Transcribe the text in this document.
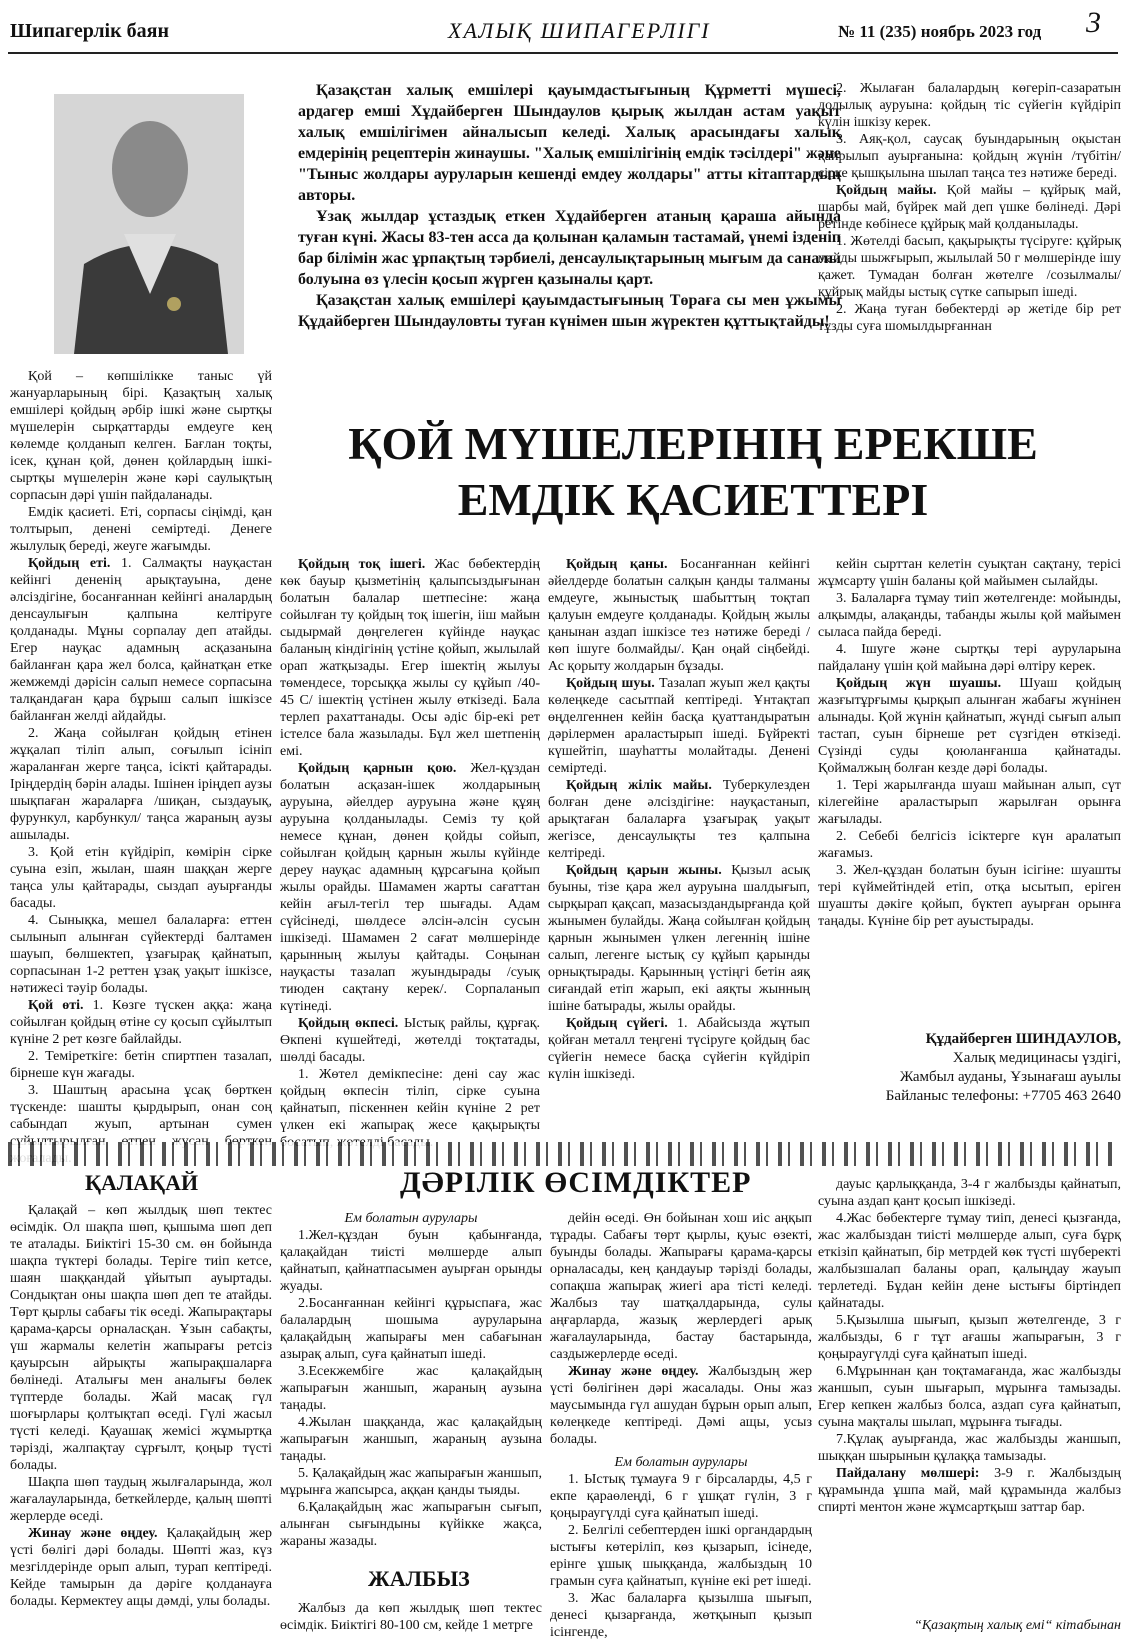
Шипагерлік баян	ХАЛЫҚ ШИПАГЕРЛІГІ	№ 11 (235) ноябрь 2023 год 3

Қазақстан халық емшілері қауымдастығының Құрметті мүшесі, ардагер емші Хұдайберген Шындаулов қырық жылдан астам уақыт халық емшілігімен айналысып келеді. Халық арасындағы халық емдерінің рецептерін жинаушы. "Халық емшілігінің емдік тәсілдері" және "Тыныс жолдары ауруларын кешенді емдеу жолдары" атты кітаптардың авторы.

Ұзақ жылдар ұстаздық еткен Хұдайберген атаның қараша айында туған күні. Жасы 83-тен асса да қолынан қаламын тастамай, үнемі ізденіп бар білімін жас ұрпақтың тәрбиелі, денсаулықтарының мығым да саналы болуына өз үлесін қосып жүрген қазыналы қарт.

Қазақстан халық емшілері қауымдастығының Төраға сы мен ұжымы Құдайберген Шындауловты туған күнімен шын жүректен құттықтайды!

ҚОЙ МҮШЕЛЕРІНІҢ ЕРЕКШЕ ЕМДІК ҚАСИЕТТЕРІ

Қой – көпшілікке таныс үй жануарларының бірі. Қазақтың халық емшілері қойдың әрбір ішкі және сыртқы мүшелерін сырқаттарды емдеуге кең көлемде қолданып келген. Бағлан тоқты, ісек, құнан қой, дөнен қойлардың ішкі-сыртқы мүшелерін және кәрі саулықтың сорпасын дәрі үшін пайдаланады.

Емдік қасиеті. Еті, сорпасы сіңімді, қан толтырып, денені семіртеді. Денеге жылулық береді, жеуге жағымды.

Қойдың еті. 1. Салмақты науқастан кейінгі дененің арықтауына, дене әлсіздігіне, босанғаннан кейінгі аналардың денсаулығын қалпына келтіруге қолданады. Мұны сорпалау деп атайды. Егер науқас адамның асқазанына байланған қара жел болса, қайнатқан етке жемжемді дәрісін салып немесе сорпасына талқандаған қара бұрыш салып ішкізсе байланған желді айдайды.

2. Жаңа сойылған қойдың етінен жұқалап тіліп алып, соғылып ісініп жараланған жерге таңса, ісікті қайтарады. Іріңдердің бәрін алады. Ішінен іріңдеп аузы шықпаған жараларға /шиқан, сыздауық, фурункул, карбункул/ таңса жараның аузы ашылады.

3. Қой етін күйдіріп, көмірін сірке суына езіп, жылан, шаян шаққан жерге таңса улы қайтарады, сыздап ауырғанды басады.

4. Сынықка, мешел балаларға: еттен сылынып алынған сүйектерді балтамен шауып, бөлшектеп, ұзағырақ қайнатып, сорпасынан 1-2 реттен ұзақ уақыт ішкізсе, нәтижесі тәуір болады.

Қой өті. 1. Көзге түскен аққа: жаңа сойылған қойдың өтіне су қосып сұйылтып күніне 2 рет көзге байлайды.

2. Теміреткіге: бетін спиртпен тазалап, бірнеше күн жағады.

3. Шаштың арасына ұсақ бөрткен түскенде: шашты қырдырып, онан соң сабындап жуып, артынан сумен

Қойдың тоқ ішегі. Жас бөбектердің көк бауыр қызметінің қалыпсыздығынан болатын балалар шетпесіне: жаңа сойылған ту қойдың тоқ ішегін, ііш майын сыдырмай дөңгелеген күйінде науқас баланың кіндігінің үстіне қойып, жылылай орап жатқызады. Егер ішектің жылуы төмендесе, торсыққа жылы су құйып /40-45 С/ ішектің үстінен жылу өткізеді. Бала терлеп рахаттанады. Осы әдіс бір-екі рет істелсе бала жазылады. Бұл жел шетпенің емі.

Қойдың қарнын қою. Жел-құздан болатын асқазан-ішек жолдарының ауруына, әйелдер ауруына және құяң ауруына қолданылады. Семіз ту қой немесе құнан, дөнен қойды сойып, сойылған қойдың қарнын жылы күйінде дереу науқас адамның құрсағына қойып жылы орайды. Шамамен жарты сағаттан кейін ағыл-тегіл тер шығады. Адам сүйсінеді, шөлдесе әлсін-әлсін сусын ішкізеді. Шамамен 2 сағат мөлшерінде қарынның жылуы қайтады. Соңынан науқасты тазалап жуындырады /суық тиюден сақтану керек/. Сорпаланып күтінеді.

Қойдың өкпесі. Ыстық райлы, құрғақ. Өкпені күшейтеді, жөтелді тоқтатады, шөлді басады.

1. Жөтел демікпесіне: дені сау жас қойдың өкпесін тіліп, сірке суына қайнатып, піскеннен кейін күніне 2 рет үлкен екі жапырақ жесе қақырықты

Қойдың қаны. Босанғаннан кейінгі әйелдерде болатын салқын қанды талманы емдеуге, жыныстық шабыттың тоқтап қалуын емдеуге қолданады. Қойдың жылы қанынан аздап ішкізсе тез нәтиже береді /көп ішуге болмайды/. Қан оңай сіңбейді. Ас қорыту жолдарын бұзады.

Қойдың шуы. Тазалап жуып жел қақты көлеңкеде сасытпай кептіреді. Ұнтақтап өңделгеннен кейін басқа қуаттандыратын дәрілермен араластырып ішеді. Бүйректі күшейтіп, шауһатты молайтады. Денені семіртеді.

Қойдың жілік майы. Туберкулезден болған дене әлсіздігіне: науқастанып, арықтаған балаларға ұзағырақ уақыт жегізсе, денсаулықты тез қалпына келтіреді.

Қойдың қарын жыны. Қызыл асық буыны, тізе қара жел ауруына шалдығып, сырқырап қақсап, мазасыздандырғанда қой жынымен булайды. Жаңа сойылған қойдың қарнын жынымен үлкен легеннің ішіне салып, легенге ыстық су құйып қарынды орнықтырады. Қарынның үстіңгі бетін аяқ сиғандай етіп жарып, екі аяқты жынның ішіне батырады, жылы орайды.

Қойдың сүйегі. 1. Абайсызда жұтып қойған металл теңгені түсіруге қойдың бас сүйегін немесе басқа сүйегін күйдіріп күлін ішкізеді.

2. Жылаған балалардың көгеріп-сазаратын долылық ауруына: қойдың тіс сүйегін күйдіріп күлін ішкізу керек.

3. Аяқ-қол, саусақ буындарының оқыстан қайрылып ауырғанына: қойдың жүнін /түбітін/ сірке қышқылына шылап таңса тез нәтиже береді.

Қойдың майы. Қой майы – құйрық май, шарбы май, бүйрек май деп үшке бөлінеді. Дәрі ретінде көбінесе құйрық май қолданылады.

1. Жөтелді басып, қақырықты түсіруге: құйрық майды шыжғырып, жылылай 50 г мөлшерінде ішу қажет. Тумадан болған жөтелге /созылмалы/ құйрық майды ыстық сүтке сапырып ішеді.

2. Жаңа туған бөбектерді әр жетіде бір рет тұзды суға шомылдырғаннан

кейін сырттан келетін суықтан сақтану, терісі жұмсарту үшін баланы қой майымен сылайды.

3. Балаларға тұмау тиіп жөтелгенде: мойынды, алқымды, алақанды, табанды жылы қой майымен сыласа пайда береді.

4. Ішуге және сыртқы тері ауруларына пайдалану үшін қой майына дәрі өлтіру керек.

Қойдың жүн шуашы. Шуаш қойдың жазғытұрғымы қырқып алынған жабағы жүнінен алынады. Қой жүнін қайнатып, жүнді сығып алып тастап, суын бірнеше рет сүзгіден өткізеді. Сүзінді суды қоюланғанша қайнатады. Қоймалжың болған кезде дәрі болады.

1. Тері жарылғанда шуаш майынан алып, сүт кілегейіне араластырып жарылған орынға жағылады.

2. Себебі белгісіз ісіктерге күн аралатып жағамыз.

3. Жел-құздан болатын буын ісігіне: шуашты тері күймейтіндей етіп, отқа ысытып, еріген шуашты дәкіге қойып, бүктеп ауырған орынға таңады. Күніне бір рет ауыстырады.

Құдайберген ШИНДАУЛОВ,

Халық медицинасы үздігі,

Жамбыл ауданы, Ұзынағаш ауылы

Байланыс телефоны: +7705 463 2640

ҚАЛАҚАЙ	ДӘРІЛІК ӨСІМДІКТЕР

Қалақай – көп жылдық шөп тектес өсімдік. Ол шақпа шөп, қышыма шөп деп те аталады. Биіктігі 15-30 см. өн бойында шақпа түктері болады. Теріге тиіп кетсе, шаян шаққандай ұйытып ауыртады. Сондықтан оны шақпа шөп деп те атайды. Төрт қырлы сабағы тік өседі. Жапырақтары қарама-қарсы орналасқан. Ұзын сабақты, үш жармалы келетін жапырағы ретсіз қауырсын айрықты жапырақшаларға бөлінеді. Аталығы мен аналығы бөлек түптерде болады. Жай масақ гүл шоғырлары қолтықтап өседі. Гүлі жасыл түсті келеді. Қауашақ жемісі жұмыртқа тәрізді, жалпақтау сұрғылт, қоңыр түсті болады.

Шақпа шөп таудың жылғаларында, жол жағалауларында, беткейлерде, қалың шөпті жерлерде өседі.

Жинау және өңдеу. Қалақайдың жер үсті бөлігі дәрі болады. Шөпті жаз, күз мезгілдерінде орып алып, турап кептіреді. Кейде тамырын да дәріге қолданауға болады. Кермектеу ащы дәмді, улы болады.

Ем болатын аурулары

1.Жел-құздан буын қабынғанда, қалақайдан тиісті мөлшерде алып қайнатып, қайнатпасымен ауырған орынды жуады.

2.Босанғаннан кейінгі құрыспаға, жас балалардың шошыма ауруларына қалақайдың жапырағы мен сабағынан азырақ алып, суға қайнатып ішеді.

3.Есекжембіге жас қалақайдың жапырағын жаншып, жараның аузына таңады.

4.Жылан шаққанда, жас қалақайдың жапырағын жаншып, жараның аузына таңады.

5. Қалақайдың жас жапырағын жаншып, мұрынға жапсырса, аққан қанды тыяды.

6.Қалақайдың жас жапырағын сығып, алынған сығындыны күйікке жақса, жараны жазады.

ЖАЛБЫЗ

Жалбыз да көп жылдық шөп тектес өсімдік. Биіктігі 80-100 см, кейде 1 метрге

дейін өседі. Өн бойынан хош иіс аңқып тұрады. Сабағы төрт қырлы, қуыс өзекті, буынды болады. Жапырағы қарама-қарсы орналасады, кең қандауыр тәрізді болады, сопақша жапырақ жиегі ара тісті келеді. Жалбыз тау шатқалдарында, сулы аңғарларда, жазық жерлердегі арық жағалауларында, бастау бастарында, саздыжерлерде өседі.

Жинау және өңдеу. Жалбыздың жер үсті бөлігінен дәрі жасалады. Оны жаз маусымында гүл ашудан бұрын орып алып, көлеңкеде кептіреді. Дәмі ащы, усыз болады.

Ем болатын аурулары

1. Ыстық тұмауға 9 г бірсаларды, 4,5 г екпе қараөлеңді, 6 г ұшқат гүлін, 3 г қоңыраугүлді суға қайнатып ішеді.

2. Белгілі себептерден ішкі органдардың ыстығы көтеріліп, көз қызарып, ісінеде, ерінге ұшық шыққанда, жалбыздың 10 грамын суға қайнатып, күніне екі рет ішеді.

3. Жас балаларға қызылша шығып, денесі қызарғанда, жөтқынып қызып ісінгенде,

дауыс қарлыққанда, 3-4 г жалбызды қайнатып, суына аздап қант қосып ішкізеді.

4.Жас бөбектерге тұмау тиіп, денесі қызғанда, жас жалбыздан тиісті мөлшерде алып, суға бұрқ еткізіп қайнатып, бір метрдей көк түсті шүберекті жалбызшалап баланы орап, қалыңдау жауып терлетеді. Бұдан кейін дене ыстығы біртіндеп қайнатады.

5.Қызылша шығып, қызып жөтелгенде, 3 г жалбызды, 6 г тұт ағашы жапырағын, 3 г қоңырaугүлді суға қайнатып ішеді.

6.Мұрыннан қан тоқтамағанда, жас жалбызды жаншып, суын шығарып, мұрынға тамызады. Егер кепкен жалбыз болса, аздап суға қайнатып, суына мақталы шылап, мұрынға тығады.

7.Құлақ ауырғанда, жас жалбызды жаншып, шыққан шырынын құлаққа тамызады.

Пайдалану мөлшері: 3-9 г. Жалбыздың құрамында ұшпа май, май құрамында жалбыз спирті ментон және жұмсартқыш заттар бар.

“Қазақтың халық емі“ кітабынан
